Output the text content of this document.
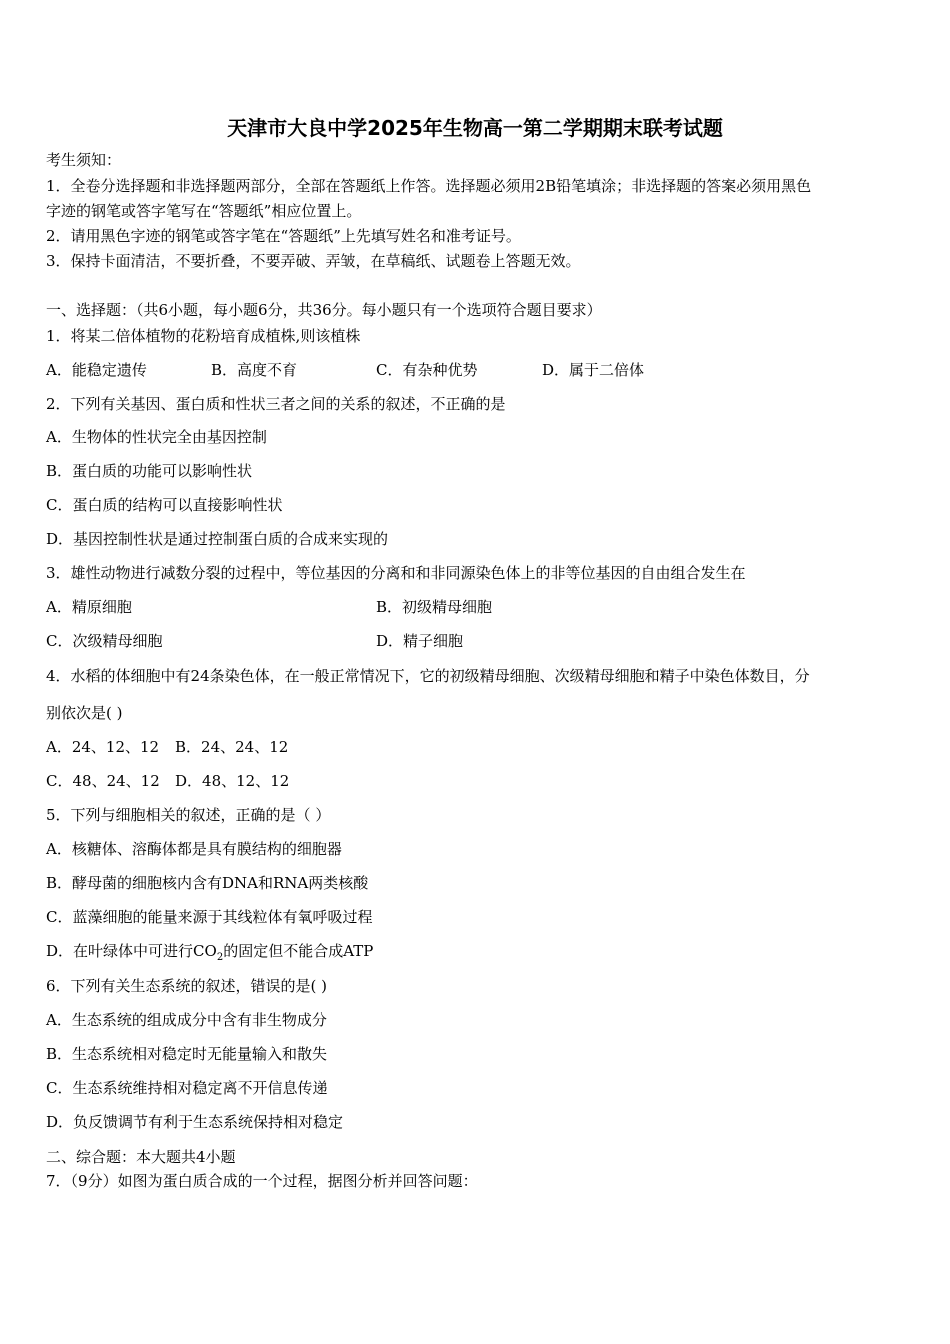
天津市大良中学2025年生物高一第二学期期末联考试题
考生须知：
1．全卷分选择题和非选择题两部分，全部在答题纸上作答。选择题必须用2B铅笔填涂；非选择题的答案必须用黑色
字迹的钢笔或答字笔写在“答题纸”相应位置上。
2．请用黑色字迹的钢笔或答字笔在“答题纸”上先填写姓名和准考证号。
3．保持卡面清洁，不要折叠，不要弄破、弄皱，在草稿纸、试题卷上答题无效。
一、选择题：（共6小题，每小题6分，共36分。每小题只有一个选项符合题目要求）
1．将某二倍体植物的花粉培育成植株,则该植株
A．能稳定遗传	B．高度不育	C．有杂种优势	D．属于二倍体
2．下列有关基因、蛋白质和性状三者之间的关系的叙述，不正确的是
A．生物体的性状完全由基因控制
B．蛋白质的功能可以影响性状
C．蛋白质的结构可以直接影响性状
D．基因控制性状是通过控制蛋白质的合成来实现的
3．雄性动物进行减数分裂的过程中，等位基因的分离和和非同源染色体上的非等位基因的自由组合发生在
A．精原细胞	B．初级精母细胞
C．次级精母细胞	D．精子细胞
4．水稻的体细胞中有24条染色体，在一般正常情况下，它的初级精母细胞、次级精母细胞和精子中染色体数目，分
别依次是( )
A．24、12、12 B．24、24、12
C．48、24、12 D．48、12、12
5．下列与细胞相关的叙述，正确的是（ ）
A．核糖体、溶酶体都是具有膜结构的细胞器
B．酵母菌的细胞核内含有DNA和RNA两类核酸
C．蓝藻细胞的能量来源于其线粒体有氧呼吸过程
D．在叶绿体中可进行$CO_2$的固定但不能合成ATP
6．下列有关生态系统的叙述，错误的是( )
A．生态系统的组成成分中含有非生物成分
B．生态系统相对稳定时无能量输入和散失
C．生态系统维持相对稳定离不开信息传递
D．负反馈调节有利于生态系统保持相对稳定
二、综合题：本大题共4小题
7．（9分）如图为蛋白质合成的一个过程，据图分析并回答问题：
